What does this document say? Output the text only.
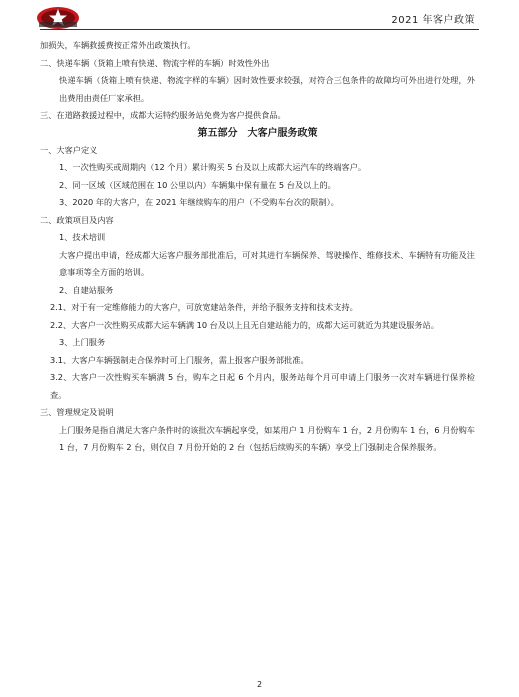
2021 年客户政策

加损失，车辆救援费按正常外出政策执行。

二、快递车辆（货箱上喷有快递、物流字样的车辆）时效性外出

快递车辆（货箱上喷有快递、物流字样的车辆）因时效性要求较强，对符合三包条件的故障均可外出进行处理，外出费用由责任厂家承担。

三、在道路救援过程中，成都大运特约服务站免费为客户提供食品。

第五部分　大客户服务政策

一、大客户定义

1、一次性购买或周期内（12 个月）累计购买 5 台及以上成都大运汽车的终端客户。

2、同一区域（区域范围在 10 公里以内）车辆集中保有量在 5 台及以上的。

3、2020 年的大客户，在 2021 年继续购车的用户（不受购车台次的限制）。

二、政策项目及内容

1、技术培训

大客户提出申请，经成都大运客户服务部批准后，可对其进行车辆保养、驾驶操作、维修技术、车辆特有功能及注意事项等全方面的培训。

2、自建站服务

2.1、对于有一定维修能力的大客户，可放宽建站条件，并给予服务支持和技术支持。

2.2、大客户一次性购买成都大运车辆满 10 台及以上且无自建站能力的，成都大运可就近为其建设服务站。

3、上门服务

3.1、大客户车辆强制走合保养时可上门服务，需上报客户服务部批准。

3.2、大客户一次性购买车辆满 5 台，购车之日起 6 个月内，服务站每个月可申请上门服务一次对车辆进行保养检查。

三、管理规定及说明

上门服务是指自满足大客户条件时的该批次车辆起享受，如某用户 1 月份购车 1 台，2 月份购车 1 台，6 月份购车 1 台，7 月份购车 2 台，则仅自 7 月份开始的 2 台（包括后续购买的车辆）享受上门强制走合保养服务。

2
